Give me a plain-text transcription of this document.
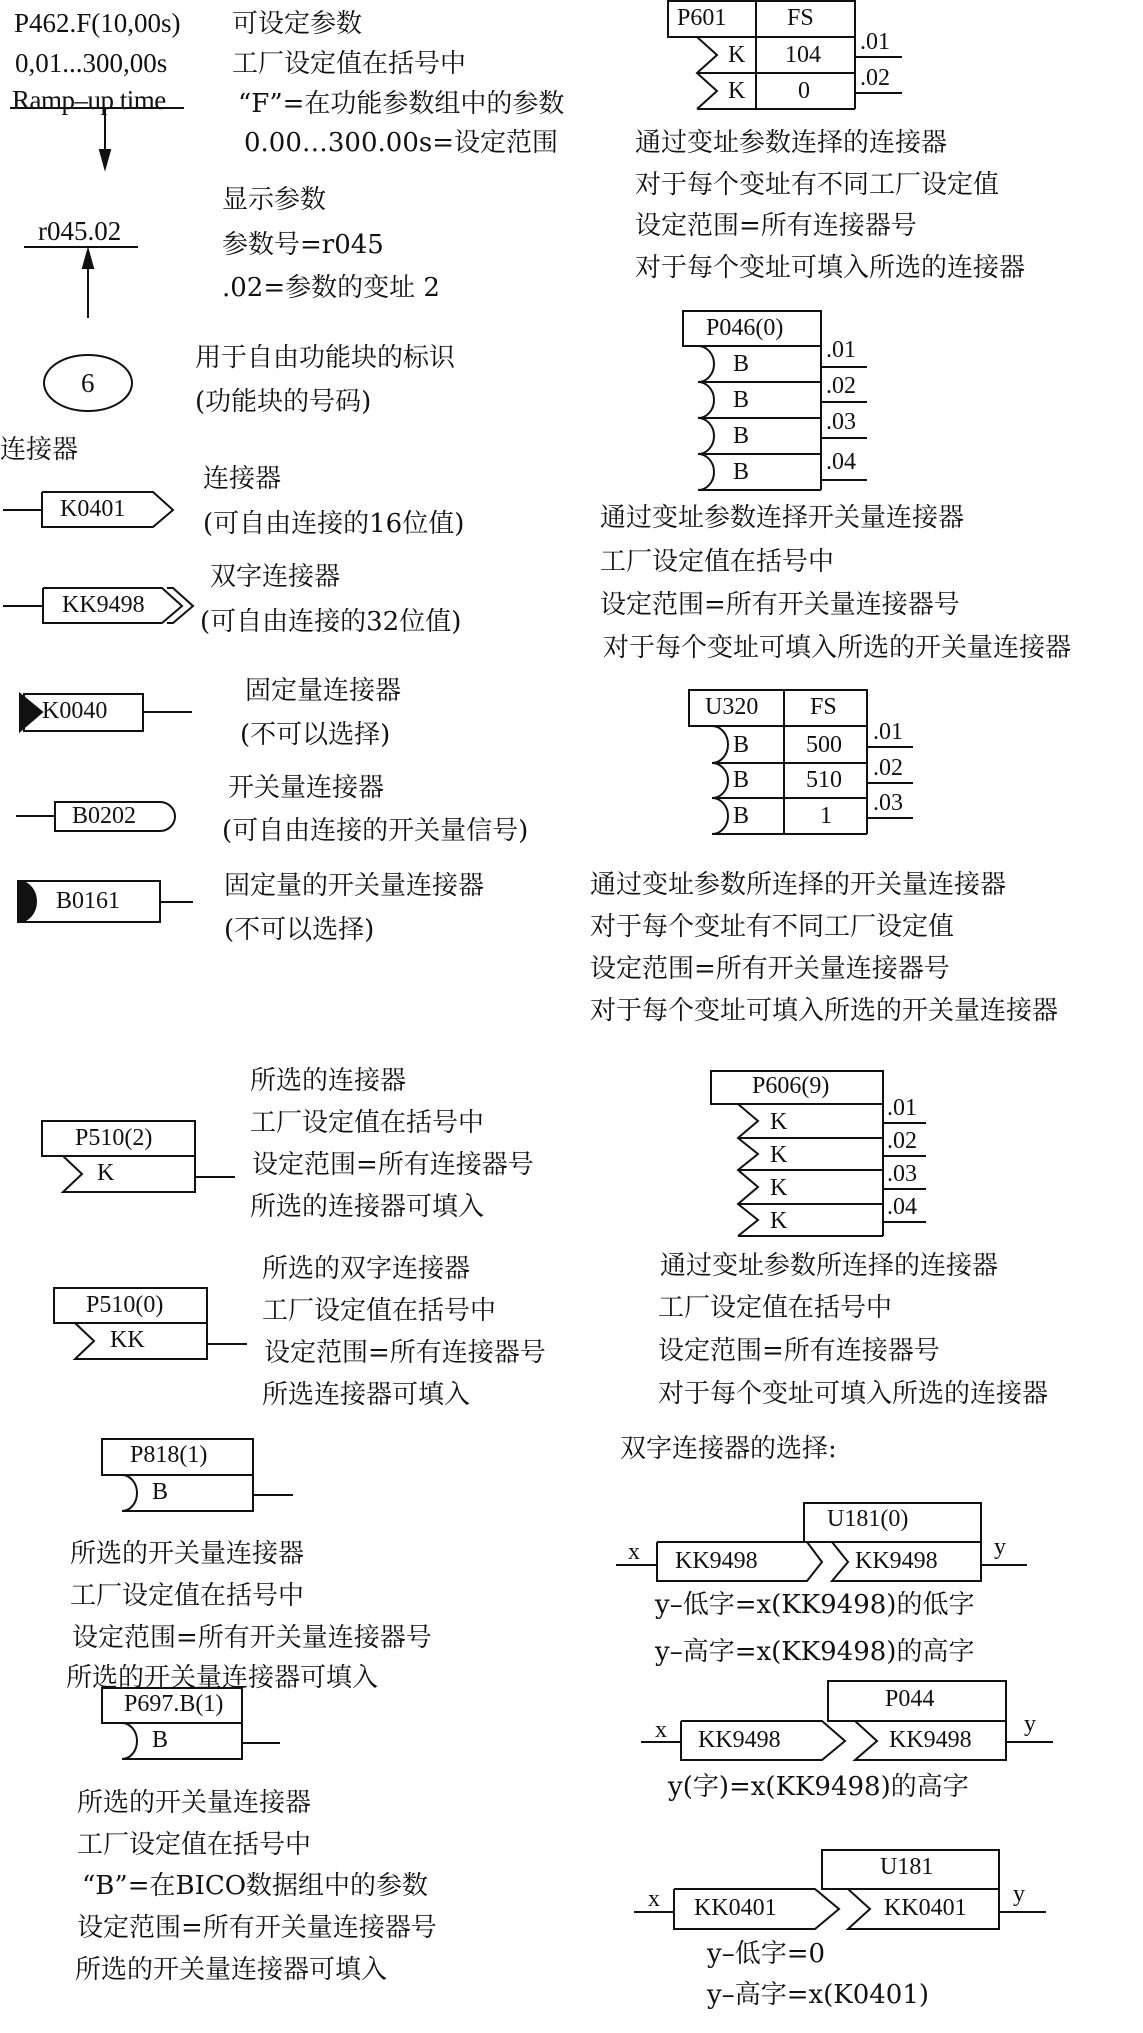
P462.F(10,00s)
0,01...300,00s
Ramp–up time
可设定参数
工厂设定值在括号中
“F”=在功能参数组中的参数
0.00…300.00s=设定范围
r045.02
显示参数
参数号=r045
.02=参数的变址 2
6
用于自由功能块的标识
(功能块的号码)
连接器
K0401
连接器
(可自由连接的16位值)
KK9498
双字连接器
(可自由连接的32位值)
K0040
固定量连接器
(不可以选择)
B0202
开关量连接器
(可自由连接的开关量信号)
B0161	固定量的开关量连接器
(不可以选择)
P601	FS
K 104 .01
K 0 .02
通过变址参数连择的连接器
对于每个变址有不同工厂设定值
设定范围=所有连接器号
对于每个变址可填入所选的连接器
P046(0)
B
.01
B
.02
B
.03
B	.04
通过变址参数连择开关量连接器
工厂设定值在括号中
设定范围=所有开关量连接器号
对于每个变址可填入所选的开关量连接器
U320 FS
B 500 .01
B 510 .02
B	1 .03
通过变址参数所连择的开关量连接器
对于每个变址有不同工厂设定值
设定范围=所有开关量连接器号
对于每个变址可填入所选的开关量连接器
P510(2)
K
所选的连接器
工厂设定值在括号中
设定范围=所有连接器号
所选的连接器可填入
P510(0)
KK
所选的双字连接器
工厂设定值在括号中
设定范围=所有连接器号
所选连接器可填入
P606(9)
K
.01
K
.02
K
.03
K
.04
通过变址参数所连择的连接器
工厂设定值在括号中
设定范围=所有连接器号
对于每个变址可填入所选的连接器
P818(1)
B
所选的开关量连接器
工厂设定值在括号中
设定范围=所有开关量连接器号
所选的开关量连接器可填入
P697.B(1)
B
所选的开关量连接器
工厂设定值在括号中
“B”=在BICO数据组中的参数
设定范围=所有开关量连接器号
所选的开关量连接器可填入
双字连接器的选择:
U181(0)
KK9498	KK9498
x	y
y–低字=x(KK9498)的低字
y–高字=x(KK9498)的高字
P044
KK9498	KK9498
x	y
y(字)=x(KK9498)的高字
U181
KK0401	KK0401
x	y
y–低字=0
y–高字=x(K0401)
